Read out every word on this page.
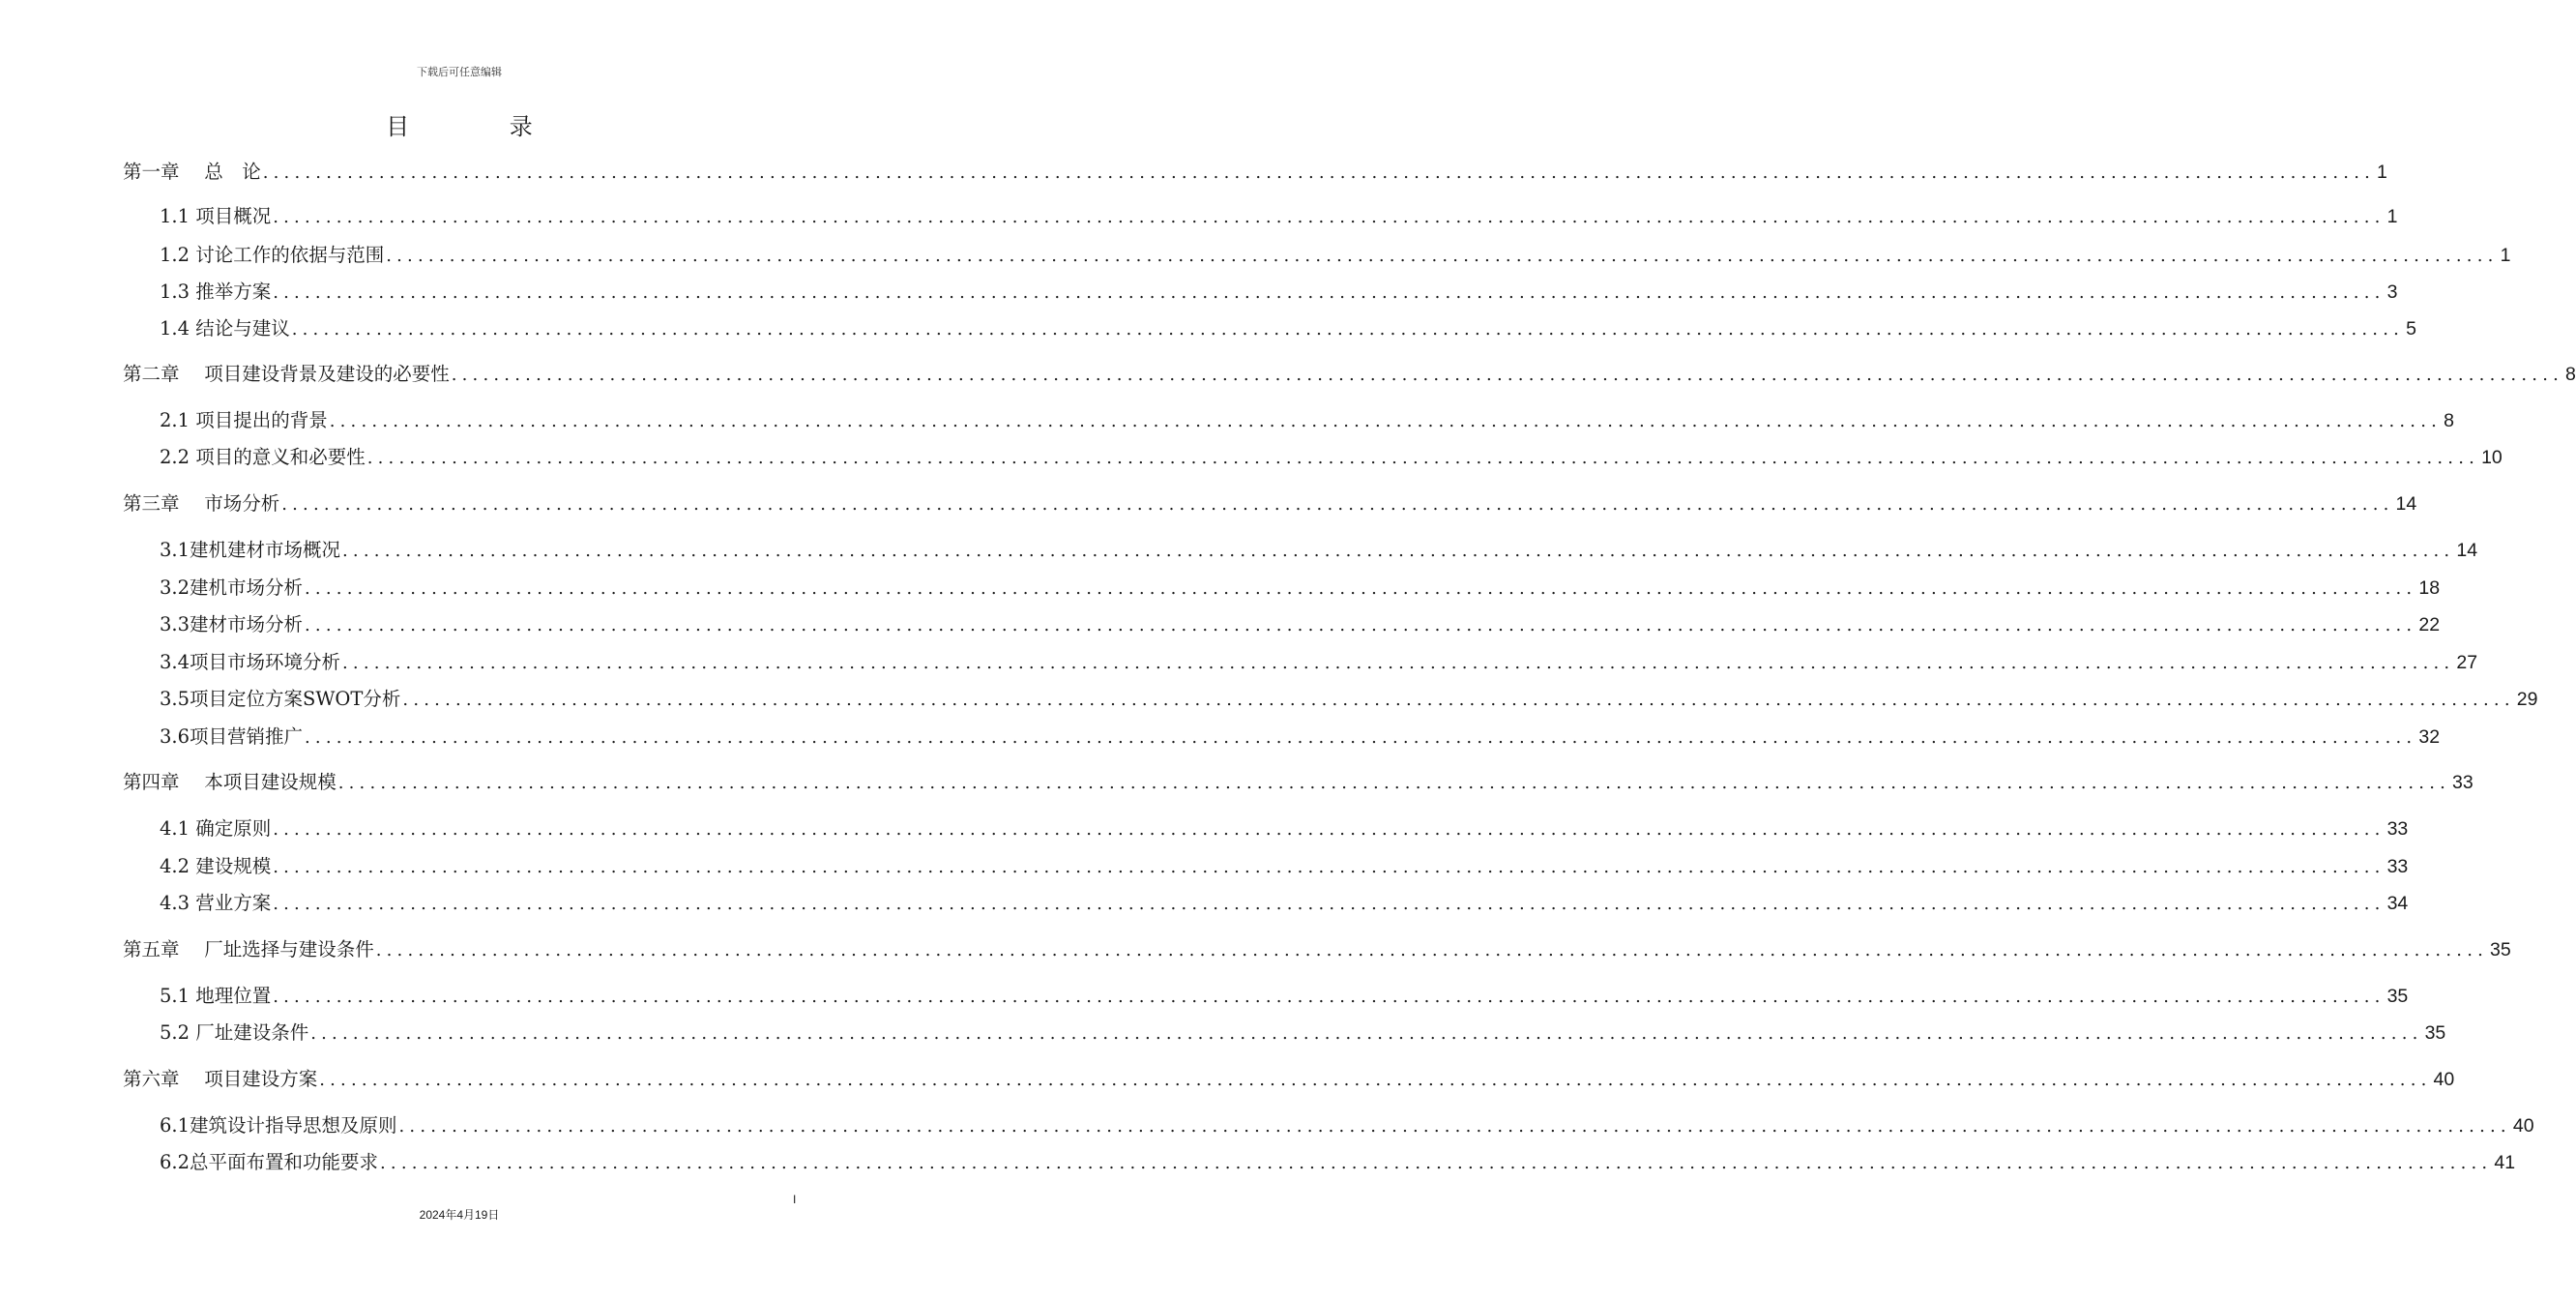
下载后可任意编辑
目 录
第一章　 总　论 ........................................................................................................................................................................................................ 1
1.1 项目概况 ........................................................................................................................................................................................................ 1
1.2 讨论工作的依据与范围 ........................................................................................................................................................................................................ 1
1.3 推举方案 ........................................................................................................................................................................................................ 3
1.4 结论与建议 ........................................................................................................................................................................................................ 5
第二章　 项目建设背景及建设的必要性 ........................................................................................................................................................................................................ 8
2.1 项目提出的背景 ........................................................................................................................................................................................................ 8
2.2 项目的意义和必要性 ........................................................................................................................................................................................................ 10
第三章　 市场分析 ........................................................................................................................................................................................................ 14
3.1建机建材市场概况 ........................................................................................................................................................................................................ 14
3.2建机市场分析 ........................................................................................................................................................................................................ 18
3.3建材市场分析 ........................................................................................................................................................................................................ 22
3.4项目市场环境分析 ........................................................................................................................................................................................................ 27
3.5项目定位方案SWOT分析 ........................................................................................................................................................................................................ 29
3.6项目营销推广 ........................................................................................................................................................................................................ 32
第四章　 本项目建设规模 ........................................................................................................................................................................................................ 33
4.1 确定原则 ........................................................................................................................................................................................................ 33
4.2 建设规模 ........................................................................................................................................................................................................ 33
4.3 营业方案 ........................................................................................................................................................................................................ 34
第五章　 厂址选择与建设条件 ........................................................................................................................................................................................................ 35
5.1 地理位置 ........................................................................................................................................................................................................ 35
5.2 厂址建设条件 ........................................................................................................................................................................................................ 35
第六章　 项目建设方案 ........................................................................................................................................................................................................ 40
6.1建筑设计指导思想及原则 ........................................................................................................................................................................................................ 40
6.2总平面布置和功能要求 ........................................................................................................................................................................................................ 41
I
2024年4月19日
